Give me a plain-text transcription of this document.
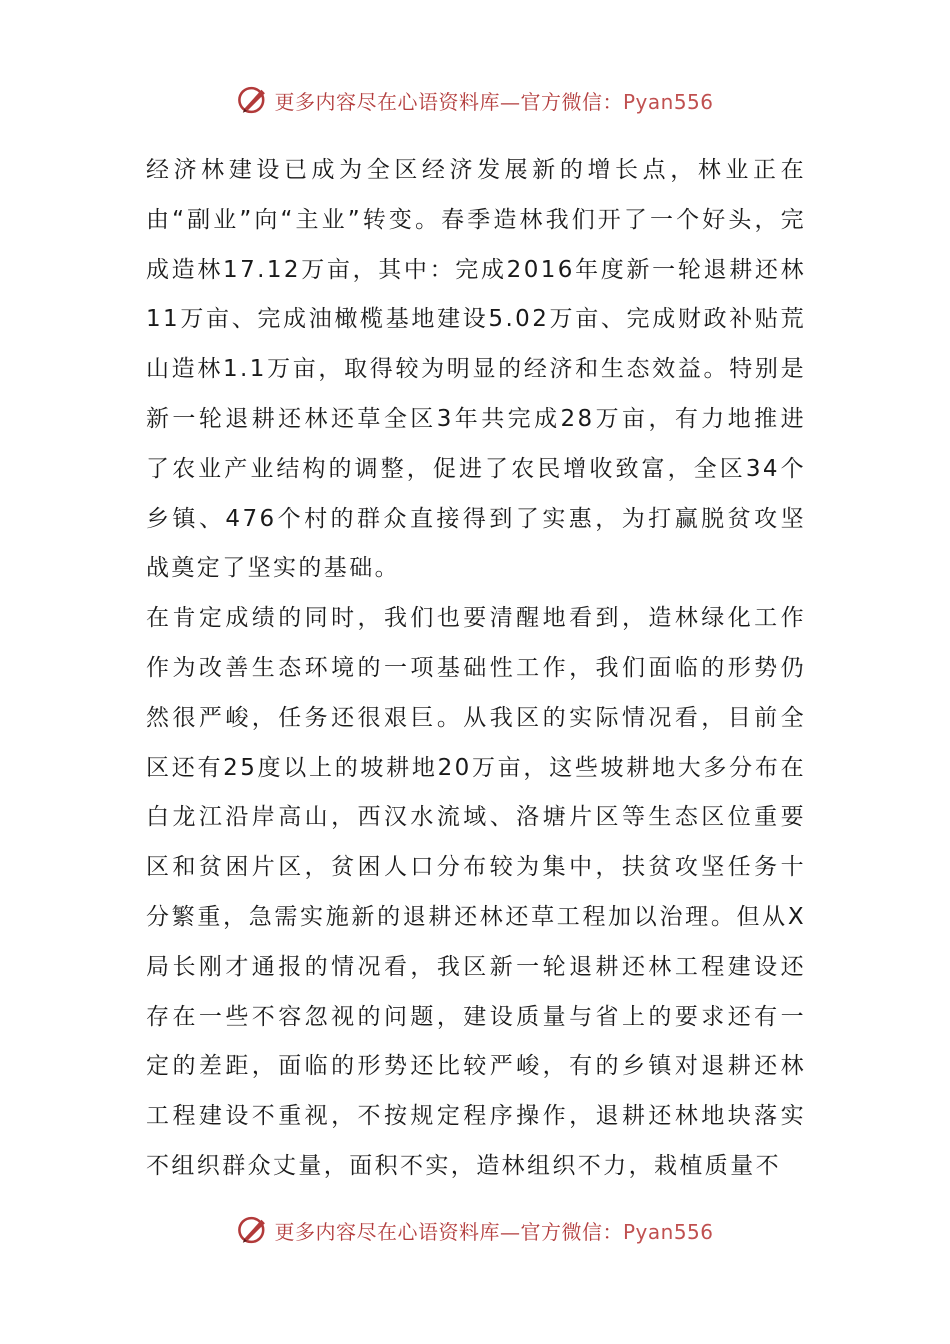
更多内容尽在心语资料库—官方微信：Pyan556

经济林建设已成为全区经济发展新的增长点，林业正在由“副业”向“主业”转变。春季造林我们开了一个好头，完成造林17.12万亩，其中：完成2016年度新一轮退耕还林11万亩、完成油橄榄基地建设5.02万亩、完成财政补贴荒山造林1.1万亩，取得较为明显的经济和生态效益。特别是新一轮退耕还林还草全区3年共完成28万亩，有力地推进了农业产业结构的调整，促进了农民增收致富，全区34个乡镇、476个村的群众直接得到了实惠，为打赢脱贫攻坚战奠定了坚实的基础。

在肯定成绩的同时，我们也要清醒地看到，造林绿化工作作为改善生态环境的一项基础性工作，我们面临的形势仍然很严峻，任务还很艰巨。从我区的实际情况看，目前全区还有25度以上的坡耕地20万亩，这些坡耕地大多分布在白龙江沿岸高山，西汉水流域、洛塘片区等生态区位重要区和贫困片区，贫困人口分布较为集中，扶贫攻坚任务十分繁重，急需实施新的退耕还林还草工程加以治理。但从X局长刚才通报的情况看，我区新一轮退耕还林工程建设还存在一些不容忽视的问题，建设质量与省上的要求还有一定的差距，面临的形势还比较严峻，有的乡镇对退耕还林工程建设不重视，不按规定程序操作，退耕还林地块落实不组织群众丈量，面积不实，造林组织不力，栽植质量不

更多内容尽在心语资料库—官方微信：Pyan556
